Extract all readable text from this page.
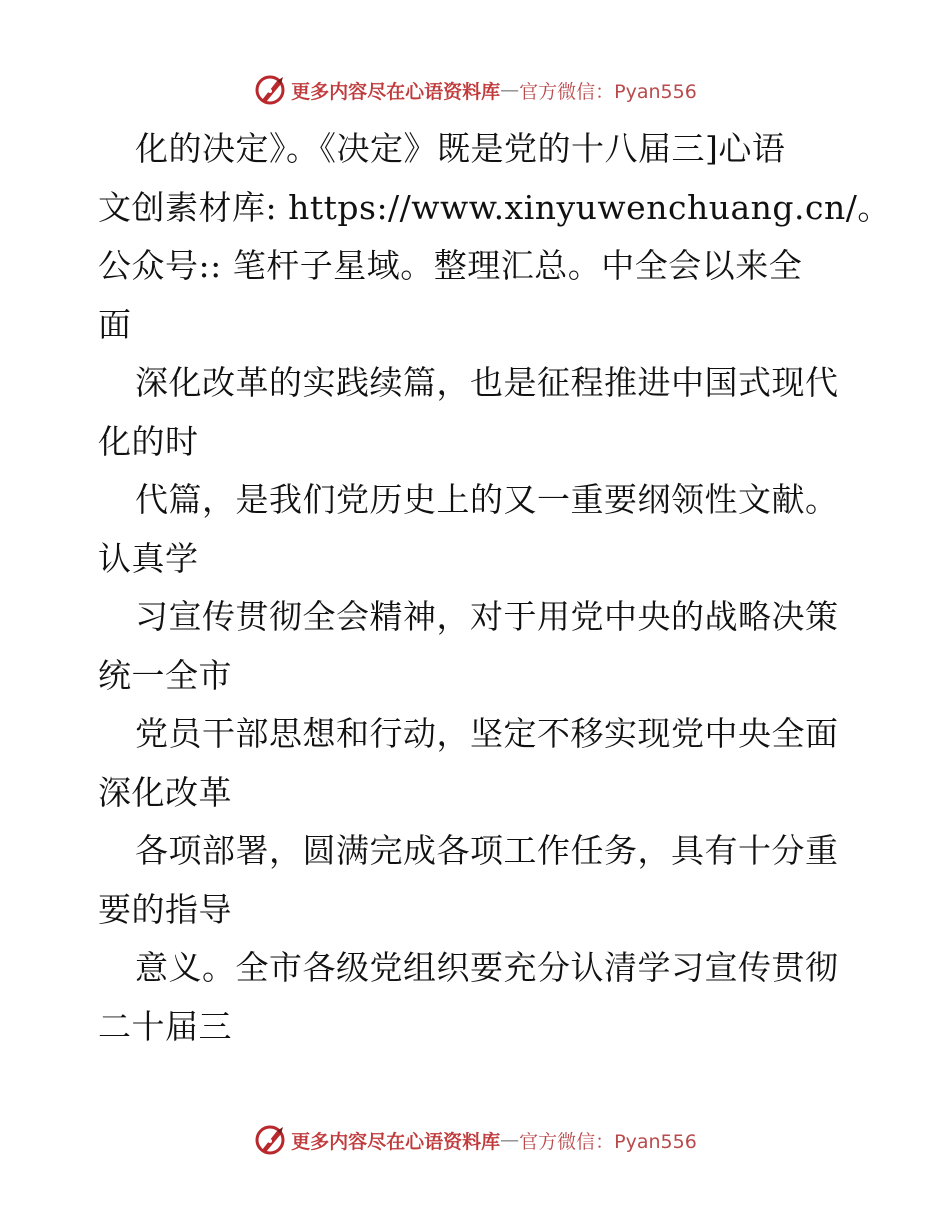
更多内容尽在心语资料库 — 官方微信：Pyan556
化的决定》。《决定》既是党的十八届三]心语
文创素材库: https://www.xinyuwenchuang.cn/。
公众号:: 笔杆子星域。整理汇总。中全会以来全
面
深化改革的实践续篇，也是征程推进中国式现代
化的时
代篇，是我们党历史上的又一重要纲领性文献。
认真学
习宣传贯彻全会精神，对于用党中央的战略决策
统一全市
党员干部思想和行动，坚定不移实现党中央全面
深化改革
各项部署，圆满完成各项工作任务，具有十分重
要的指导
意义。全市各级党组织要充分认清学习宣传贯彻
二十届三
更多内容尽在心语资料库 — 官方微信：Pyan556
